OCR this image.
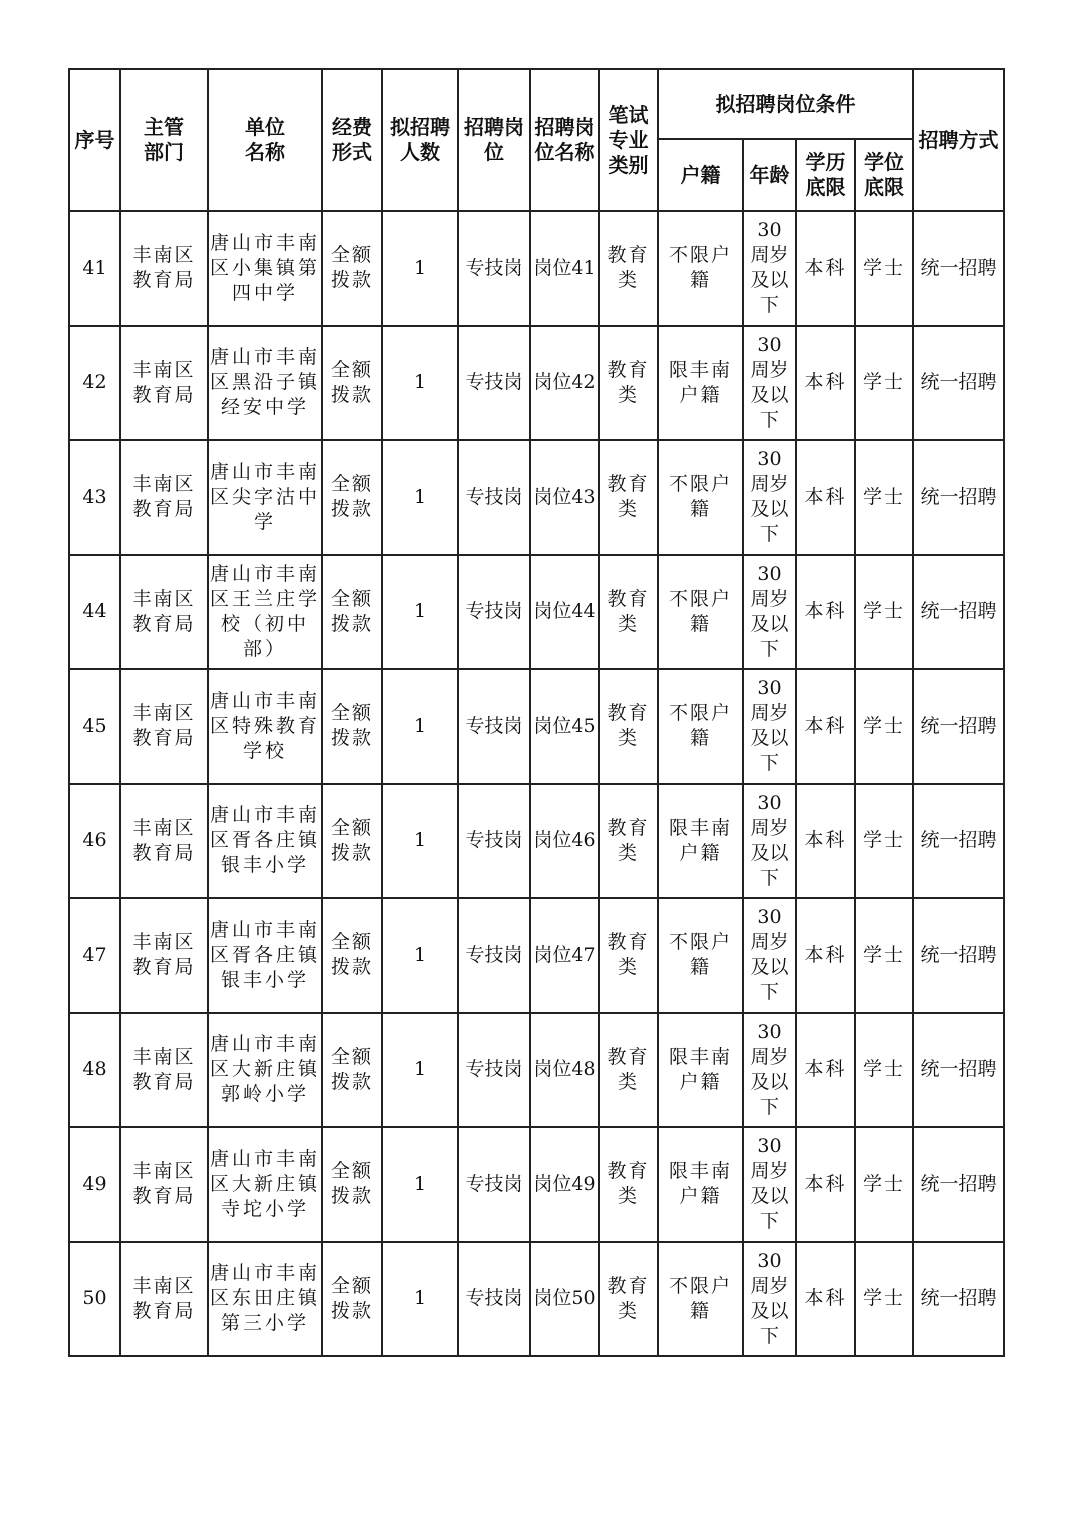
序号	主管部门	单位名称	经费形式	拟招聘人数	招聘岗位	招聘岗位名称	笔试专业类别	拟招聘岗位条件				招聘方式
								户籍	年龄	学历底限	学位底限	

41	丰南区教育局	唐山市丰南区小集镇第四中学	全额拨款	1	专技岗	岗位41	教育类	不限户籍	30周岁及以下	本科	学士	统一招聘
42	丰南区教育局	唐山市丰南区黑沿子镇经安中学	全额拨款	1	专技岗	岗位42	教育类	限丰南户籍	30周岁及以下	本科	学士	统一招聘
43	丰南区教育局	唐山市丰南区尖字沽中学	全额拨款	1	专技岗	岗位43	教育类	不限户籍	30周岁及以下	本科	学士	统一招聘
44	丰南区教育局	唐山市丰南区王兰庄学校（初中部）	全额拨款	1	专技岗	岗位44	教育类	不限户籍	30周岁及以下	本科	学士	统一招聘
45	丰南区教育局	唐山市丰南区特殊教育学校	全额拨款	1	专技岗	岗位45	教育类	不限户籍	30周岁及以下	本科	学士	统一招聘
46	丰南区教育局	唐山市丰南区胥各庄镇银丰小学	全额拨款	1	专技岗	岗位46	教育类	限丰南户籍	30周岁及以下	本科	学士	统一招聘
47	丰南区教育局	唐山市丰南区胥各庄镇银丰小学	全额拨款	1	专技岗	岗位47	教育类	不限户籍	30周岁及以下	本科	学士	统一招聘
48	丰南区教育局	唐山市丰南区大新庄镇郭岭小学	全额拨款	1	专技岗	岗位48	教育类	限丰南户籍	30周岁及以下	本科	学士	统一招聘
49	丰南区教育局	唐山市丰南区大新庄镇寺坨小学	全额拨款	1	专技岗	岗位49	教育类	限丰南户籍	30周岁及以下	本科	学士	统一招聘
50	丰南区教育局	唐山市丰南区东田庄镇第三小学	全额拨款	1	专技岗	岗位50	教育类	不限户籍	30周岁及以下	本科	学士	统一招聘
